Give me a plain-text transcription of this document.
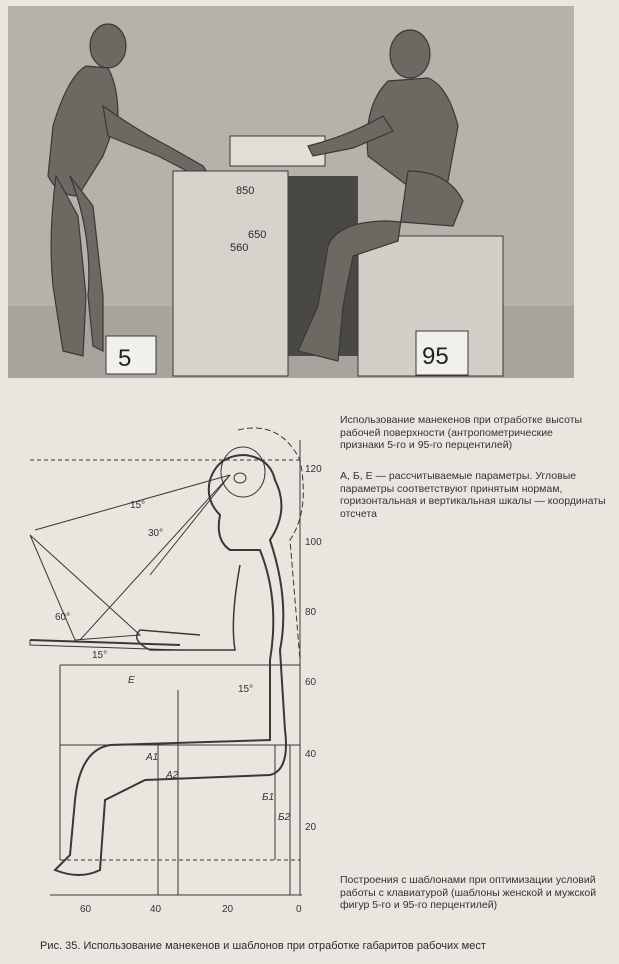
850
650
560
5	95
120
100
80
60
40
20
60	40	20	0
15°
30°
60°
15°
15°
E
A1
A2
Б1
Б2
Использование манекенов при отработке высоты рабочей поверхности (антропометрические признаки 5-го и 95-го перцентилей)
А, Б, Е — рассчитываемые параметры. Угловые параметры соответствуют принятым нормам, горизонтальная и вертикальная шкалы — координаты отсчета
Построения с шаблонами при оптимизации условий работы с клавиатурой (шаблоны женской и мужской фигур 5-го и 95-го перцентилей)
Рис. 35. Использование манекенов и шаблонов при отработке габаритов рабочих мест
